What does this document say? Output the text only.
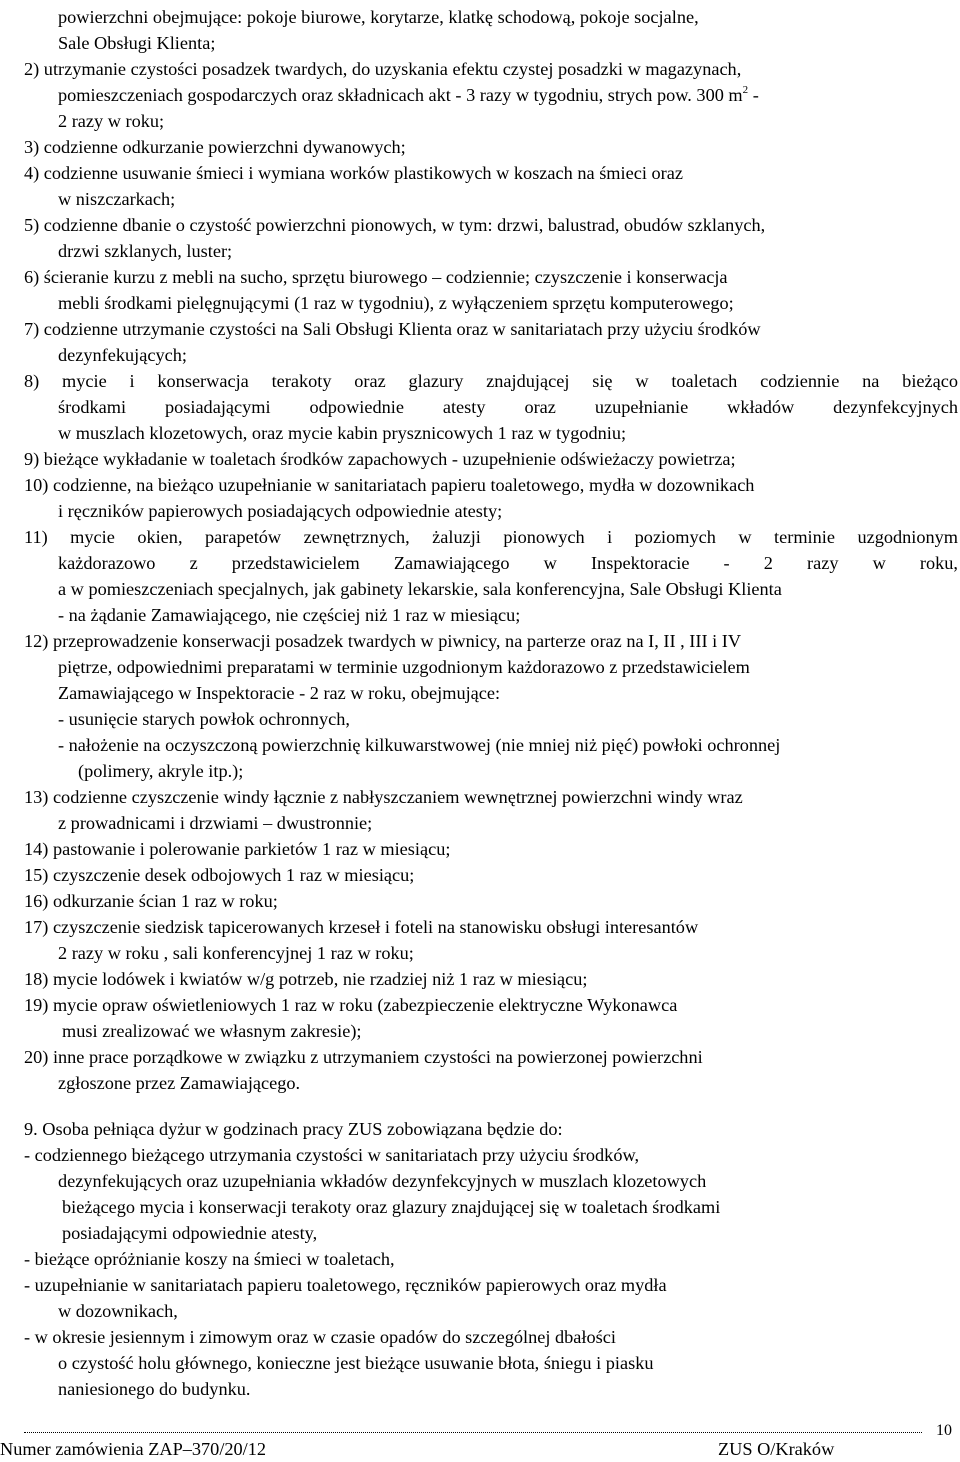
powierzchni obejmujące: pokoje biurowe, korytarze, klatkę schodową, pokoje socjalne,
Sale Obsługi Klienta;
2) utrzymanie czystości posadzek twardych, do uzyskania efektu czystej posadzki w magazynach,
pomieszczeniach gospodarczych oraz składnicach akt - 3 razy w tygodniu, strych pow. 300 $m^2$ -
2 razy w roku;
3) codzienne odkurzanie powierzchni dywanowych;
4) codzienne usuwanie śmieci i wymiana worków plastikowych w koszach na śmieci oraz
w niszczarkach;
5) codzienne dbanie o czystość powierzchni pionowych, w tym: drzwi, balustrad, obudów szklanych,
drzwi szklanych, luster;
6) ścieranie kurzu z mebli na sucho, sprzętu biurowego – codziennie; czyszczenie i konserwacja
mebli środkami pielęgnującymi (1 raz w tygodniu), z wyłączeniem sprzętu komputerowego;
7) codzienne utrzymanie czystości na Sali Obsługi Klienta oraz w sanitariatach przy użyciu środków
dezynfekujących;
8) mycie i konserwacja terakoty oraz glazury znajdującej się w toaletach codziennie na bieżąco
środkami posiadającymi odpowiednie atesty oraz uzupełnianie wkładów dezynfekcyjnych
w muszlach klozetowych, oraz mycie kabin prysznicowych 1 raz w tygodniu;
9) bieżące wykładanie w toaletach środków zapachowych - uzupełnienie odświeżaczy powietrza;
10) codzienne, na bieżąco uzupełnianie w sanitariatach papieru toaletowego, mydła w dozownikach
i ręczników papierowych posiadających odpowiednie atesty;
11) mycie okien, parapetów zewnętrznych, żaluzji pionowych i poziomych w terminie uzgodnionym
każdorazowo z przedstawicielem Zamawiającego w Inspektoracie - 2 razy w roku,
a w pomieszczeniach specjalnych, jak gabinety lekarskie, sala konferencyjna, Sale Obsługi Klienta
- na żądanie Zamawiającego, nie częściej niż 1 raz w miesiącu;
12) przeprowadzenie konserwacji posadzek twardych w piwnicy, na parterze oraz na I, II , III i IV
piętrze, odpowiednimi preparatami w terminie uzgodnionym każdorazowo z przedstawicielem
Zamawiającego w Inspektoracie - 2 raz w roku, obejmujące:
- usunięcie starych powłok ochronnych,
- nałożenie na oczyszczoną powierzchnię kilkuwarstwowej (nie mniej niż pięć) powłoki ochronnej
(polimery, akryle itp.);
13) codzienne czyszczenie windy łącznie z nabłyszczaniem wewnętrznej powierzchni windy wraz
z prowadnicami i drzwiami – dwustronnie;
14) pastowanie i polerowanie parkietów 1 raz w miesiącu;
15) czyszczenie desek odbojowych 1 raz w miesiącu;
16) odkurzanie ścian 1 raz w roku;
17) czyszczenie siedzisk tapicerowanych krzeseł i foteli na stanowisku obsługi interesantów
2 razy w roku , sali konferencyjnej 1 raz w roku;
18) mycie lodówek i kwiatów w/g potrzeb, nie rzadziej niż 1 raz w miesiącu;
19) mycie opraw oświetleniowych 1 raz w roku (zabezpieczenie elektryczne Wykonawca
musi zrealizować we własnym zakresie);
20) inne prace porządkowe w związku z utrzymaniem czystości na powierzonej powierzchni
zgłoszone przez Zamawiającego.
9. Osoba pełniąca dyżur w godzinach pracy ZUS zobowiązana będzie do:
- codziennego bieżącego utrzymania czystości w sanitariatach przy użyciu środków,
dezynfekujących oraz uzupełniania wkładów dezynfekcyjnych w muszlach klozetowych
bieżącego mycia i konserwacji terakoty oraz glazury znajdującej się w toaletach środkami
posiadającymi odpowiednie atesty,
- bieżące opróżnianie koszy na śmieci w toaletach,
- uzupełnianie w sanitariatach papieru toaletowego, ręczników papierowych oraz mydła
w dozownikach,
- w okresie jesiennym i zimowym oraz w czasie opadów do szczególnej dbałości
o czystość holu głównego, konieczne jest bieżące usuwanie błota, śniegu i piasku
naniesionego do budynku.
10
Numer zamówienia ZAP–370/20/12	ZUS O/Kraków
